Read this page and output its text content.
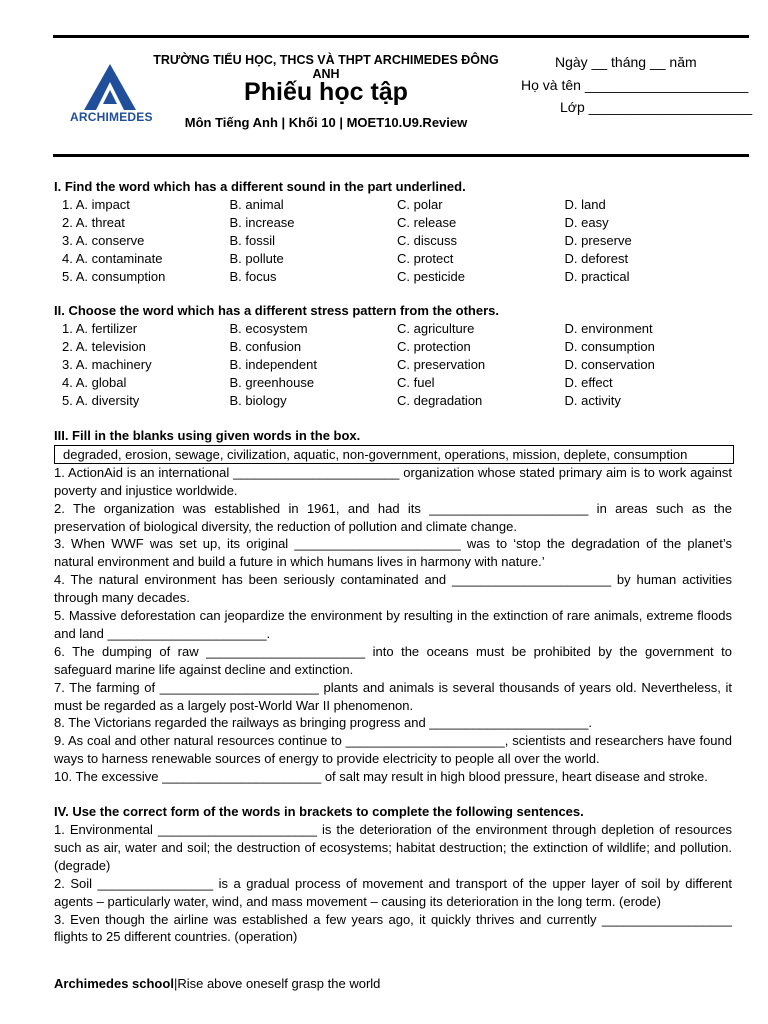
ARCHIMEDES
TRƯỜNG TIỂU HỌC, THCS VÀ THPT ARCHIMEDES ĐÔNG ANH
Phiếu học tập
Môn Tiếng Anh | Khối 10 | MOET10.U9.Review
Ngày __ tháng __ năm
Họ và tên _____________________
Lớp _____________________
I. Find the word which has a different sound in the part underlined.
1. A. impact	B. animal	C. polar	D. land
2. A. threat	B. increase	C. release	D. easy
3. A. conserve	B. fossil	C. discuss	D. preserve
4. A. contaminate	B. pollute	C. protect	D. deforest
5. A. consumption	B. focus	C. pesticide	D. practical
II. Choose the word which has a different stress pattern from the others.
1. A. fertilizer	B. ecosystem	C. agriculture	D. environment
2. A. television	B. confusion	C. protection	D. consumption
3. A. machinery	B. independent	C. preservation	D. conservation
4. A. global	B. greenhouse	C. fuel	D. effect
5. A. diversity	B. biology	C. degradation	D. activity
III. Fill in the blanks using given words in the box.
degraded, erosion, sewage, civilization, aquatic, non-government, operations, mission, deplete, consumption
1. ActionAid is an international _______________________ organization whose stated primary aim is to work against poverty and injustice worldwide.
2. The organization was established in 1961, and had its ______________________ in areas such as the preservation of biological diversity, the reduction of pollution and climate change.
3. When WWF was set up, its original _______________________ was to ‘stop the degradation of the planet’s natural environment and build a future in which humans lives in harmony with nature.’
4. The natural environment has been seriously contaminated and ______________________ by human activities through many decades.
5. Massive deforestation can jeopardize the environment by resulting in the extinction of rare animals, extreme floods and land ______________________.
6. The dumping of raw ______________________ into the oceans must be prohibited by the government to safeguard marine life against decline and extinction.
7. The farming of ______________________ plants and animals is several thousands of years old. Nevertheless, it must be regarded as a largely post-World War II phenomenon.
8. The Victorians regarded the railways as bringing progress and ______________________.
9. As coal and other natural resources continue to ______________________, scientists and researchers have found ways to harness renewable sources of energy to provide electricity to people all over the world.
10. The excessive ______________________ of salt may result in high blood pressure, heart disease and stroke.
IV. Use the correct form of the words in brackets to complete the following sentences.
1. Environmental ______________________ is the deterioration of the environment through depletion of resources such as air, water and soil; the destruction of ecosystems; habitat destruction; the extinction of wildlife; and pollution. (degrade)
2. Soil ________________ is a gradual process of movement and transport of the upper layer of soil by different agents – particularly water, wind, and mass movement – causing its deterioration in the long term. (erode)
3. Even though the airline was established a few years ago, it quickly thrives and currently __________________ flights to 25 different countries. (operation)
Archimedes school|Rise above oneself grasp the world
